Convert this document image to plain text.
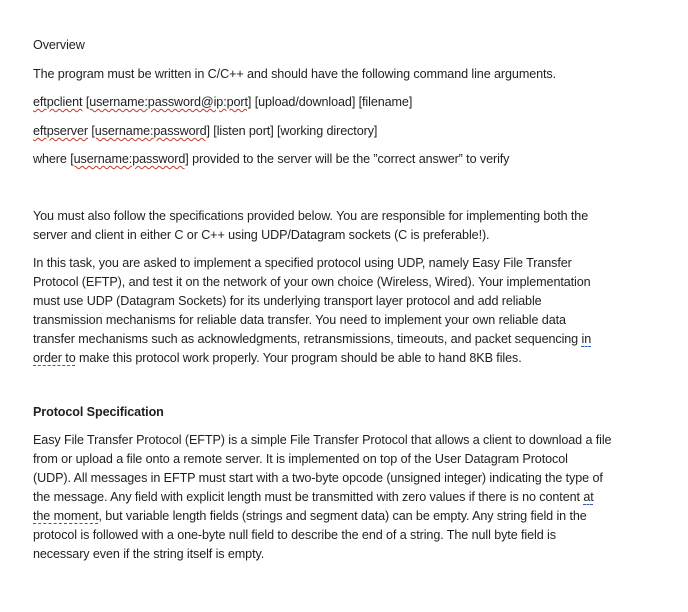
Overview

The program must be written in C/C++ and should have the following command line arguments.

eftpclient [username:password@ip:port] [upload/download] [filename]

eftpserver [username:password] [listen port] [working directory]

where [username:password] provided to the server will be the ”correct answer” to verify

You must also follow the specifications provided below. You are responsible for implementing both the
server and client in either C or C++ using UDP/Datagram sockets (C is preferable!).

In this task, you are asked to implement a specified protocol using UDP, namely Easy File Transfer
Protocol (EFTP), and test it on the network of your own choice (Wireless, Wired). Your implementation
must use UDP (Datagram Sockets) for its underlying transport layer protocol and add reliable
transmission mechanisms for reliable data transfer. You need to implement your own reliable data
transfer mechanisms such as acknowledgments, retransmissions, timeouts, and packet sequencing in
order to make this protocol work properly. Your program should be able to hand 8KB files.

Protocol Specification

Easy File Transfer Protocol (EFTP) is a simple File Transfer Protocol that allows a client to download a file
from or upload a file onto a remote server. It is implemented on top of the User Datagram Protocol
(UDP). All messages in EFTP must start with a two-byte opcode (unsigned integer) indicating the type of
the message. Any field with explicit length must be transmitted with zero values if there is no content at
the moment, but variable length fields (strings and segment data) can be empty. Any string field in the
protocol is followed with a one-byte null field to describe the end of a string. The null byte field is
necessary even if the string itself is empty.
